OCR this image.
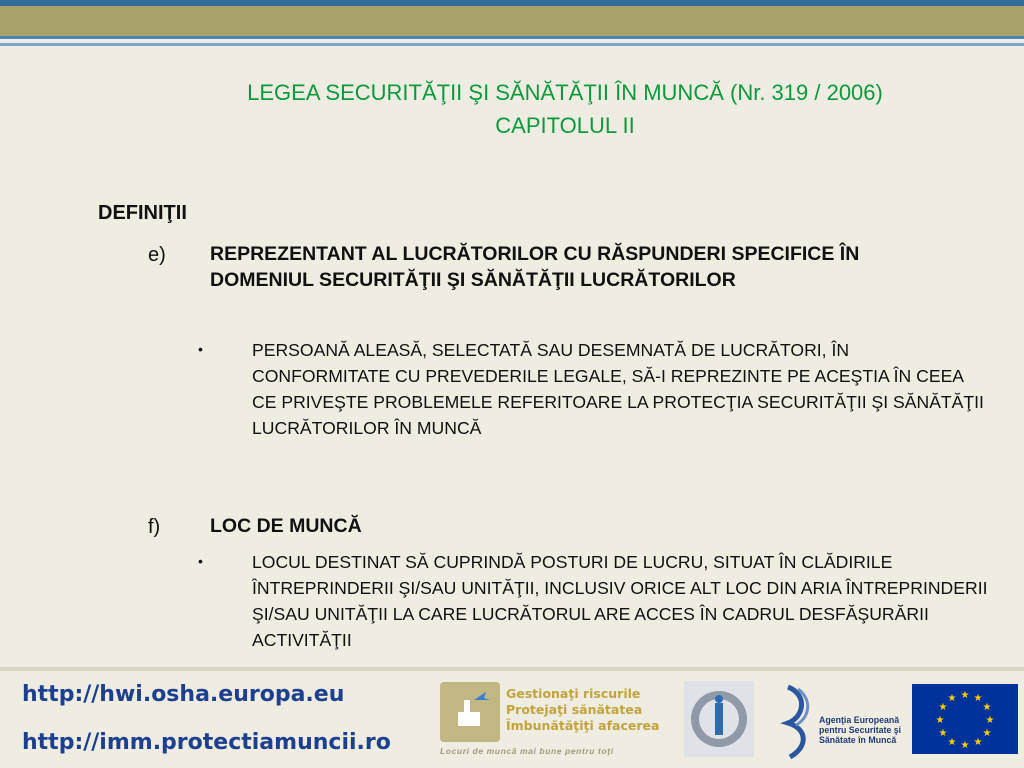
LEGEA SECURITĂŢII ŞI SĂNĂTĂŢII ÎN MUNCĂ (Nr. 319 / 2006)
CAPITOLUL II
DEFINIŢII
e) REPREZENTANT AL LUCRĂTORILOR CU RĂSPUNDERI SPECIFICE ÎN DOMENIUL SECURITĂŢII ŞI SĂNĂTĂŢII LUCRĂTORILOR
•	PERSOANĂ ALEASĂ, SELECTATĂ SAU DESEMNATĂ DE LUCRĂTORI, ÎN CONFORMITATE CU PREVEDERILE LEGALE, SĂ-I REPREZINTE PE ACEŞTIA ÎN CEEA CE PRIVEŞTE PROBLEMELE REFERITOARE LA PROTECŢIA SECURITĂŢII ŞI SĂNĂTĂŢII LUCRĂTORILOR ÎN MUNCĂ
f)	LOC DE MUNCĂ
•	LOCUL DESTINAT SĂ CUPRINDĂ POSTURI DE LUCRU, SITUAT ÎN CLĂDIRILE ÎNTREPRINDERII ŞI/SAU UNITĂŢII, INCLUSIV ORICE ALT LOC DIN ARIA ÎNTREPRINDERII ŞI/SAU UNITĂŢII LA CARE LUCRĂTORUL ARE ACCES ÎN CADRUL DESFĂŞURĂRII ACTIVITĂŢII
http://hwi.osha.europa.eu
http://imm.protectiamuncii.ro
Gestionaţi riscurile
Protejaţi sănătatea
Îmbunătăţiţi afacerea
Locuri de muncă mai bune pentru toţi
Agenţia Europeană
pentru Securitate şi
Sănătate în Muncă
★ ★
★
★
★
★
★
★
★
★
★
★
